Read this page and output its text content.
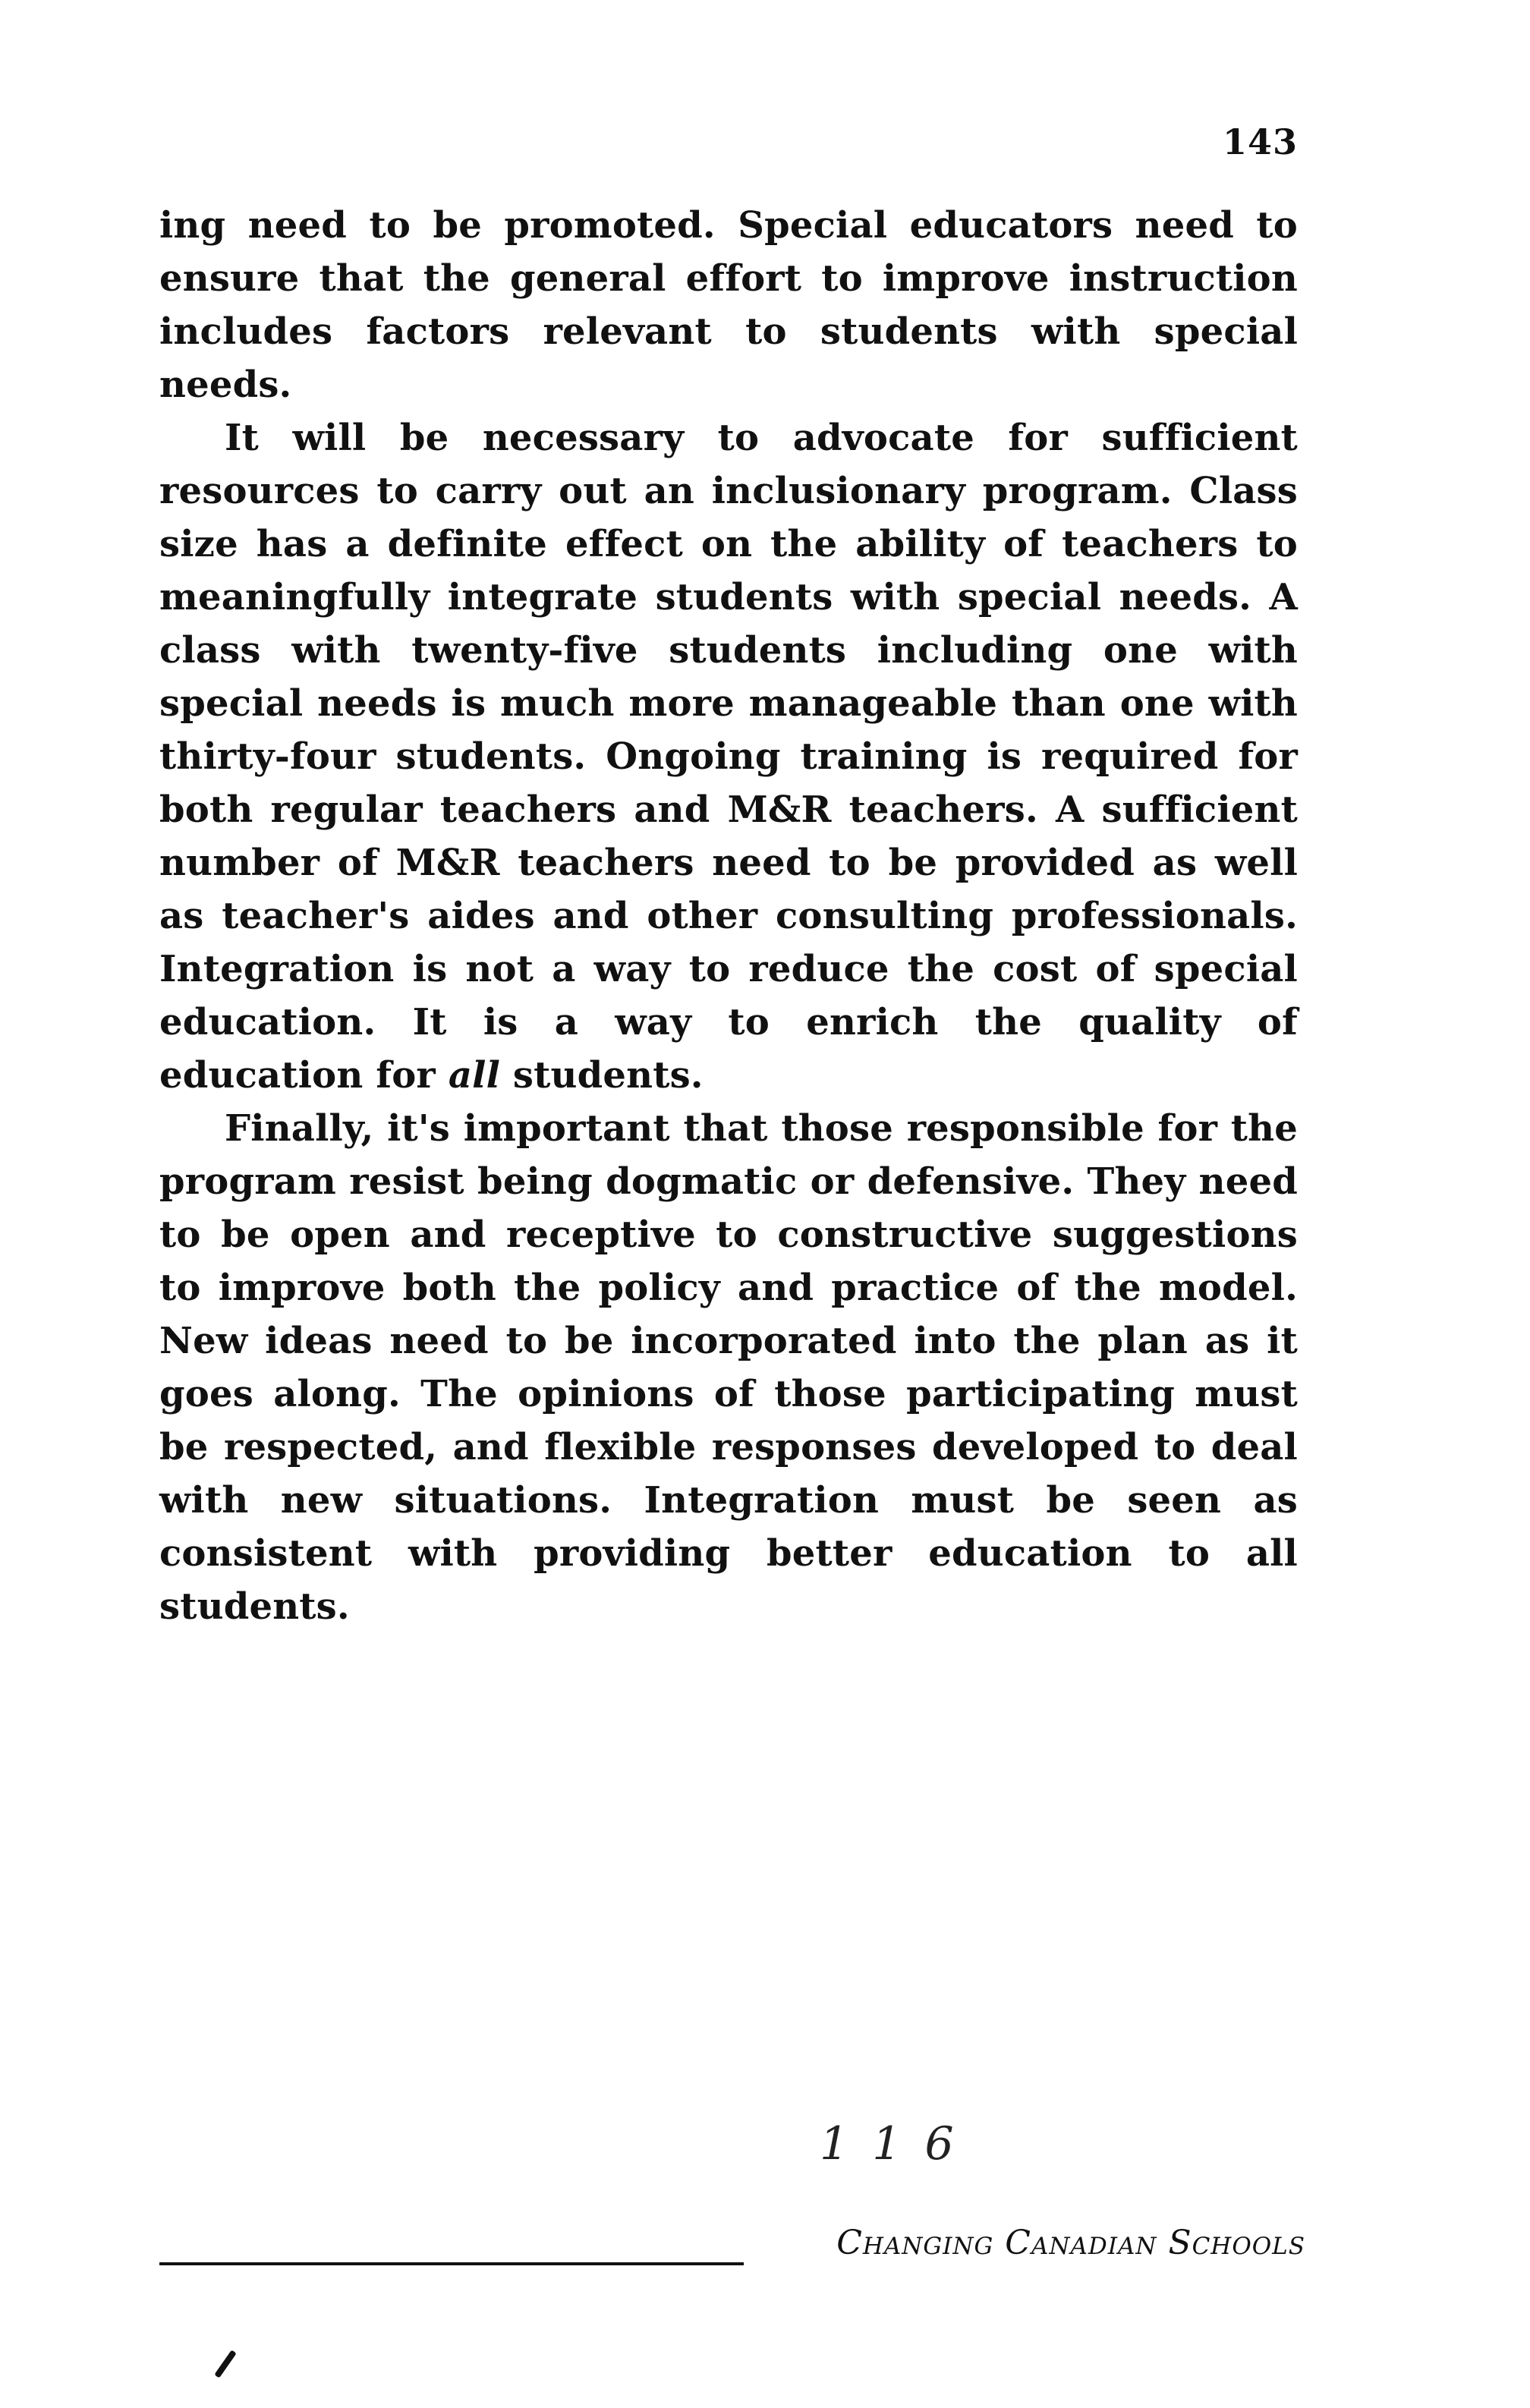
143

ing need to be promoted. Special educators need to ensure that the general effort to improve instruction includes factors relevant to students with special needs.

It will be necessary to advocate for sufficient resources to carry out an inclusionary program. Class size has a definite effect on the ability of teachers to meaningfully integrate students with special needs. A class with twenty-five students including one with special needs is much more manageable than one with thirty-four students. Ongoing training is required for both regular teachers and M&R teachers. A sufficient number of M&R teachers need to be provided as well as teacher's aides and other consulting professionals. Integration is not a way to reduce the cost of special education. It is a way to enrich the quality of education for all students.

Finally, it's important that those responsible for the program resist being dogmatic or defensive. They need to be open and receptive to constructive suggestions to improve both the policy and practice of the model. New ideas need to be incorporated into the plan as it goes along. The opinions of those participating must be respected, and flexible responses developed to deal with new situations. Integration must be seen as consistent with providing better education to all students.

1 1 6
Changing Canadian Schools
